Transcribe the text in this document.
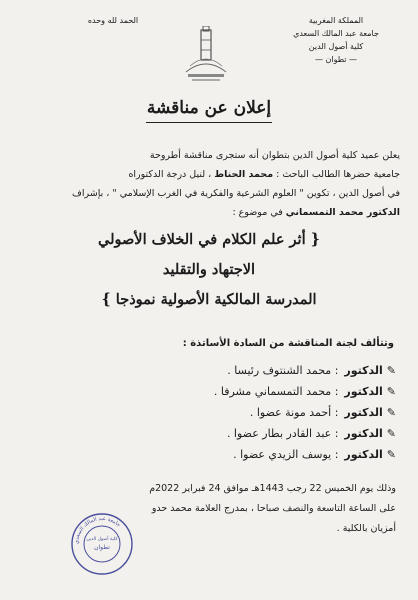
المملكة المغربية
جامعة عبد المالك السعدي
كلية أصول الدين
— تطوان —
الحمد لله وحده
إعلان عن مناقشة
يعلن عميد كلية أصول الدين بتطوان أنه ستجرى مناقشة أطروحة
جامعية حضرها الطالب الباحث : محمد الحناط ، لنيل درجة الدكتوراه
في أصول الدين ، تكوين " العلوم الشرعية والفكرية في الغرب الإسلامي " ، بإشراف
الدكتور محمد التمسماني في موضوع :
{ أثر علم الكلام في الخلاف الأصولي
الاجتهاد والتقليد
المدرسة المالكية الأصولية نموذجا }
وتتألف لجنة المناقشة من السادة الأساتذة :
✎
الدكتور
: محمد الشنتوف رئيسا .
✎
الدكتور
: محمد التمسماني مشرفا .
✎
الدكتور
: أحمد مونة عضوا .
✎
الدكتور
: عبد القادر بطار عضوا .
✎
الدكتور
: يوسف الزيدي عضوا .
وذلك يوم الخميس 22 رجب 1443هـ موافق 24 فبراير 2022م
على الساعة التاسعة والنصف صباحا ، بمدرج العلامة محمد حدو
أمزيان بالكلية .
جامعة عبد المالك السعدي
كلية أصول الدين
تطوان
